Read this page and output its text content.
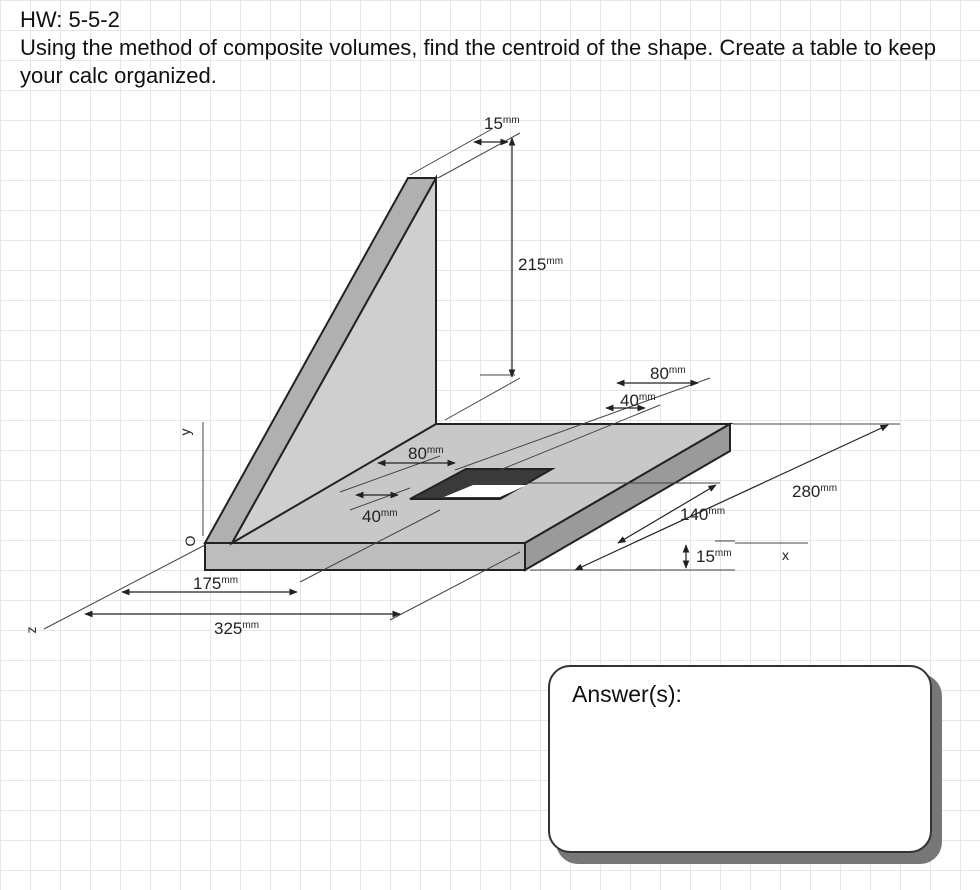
HW: 5-5-2
Using the method of composite volumes, find the centroid of the shape. Create a table to keep your calc organized.
$15^{mm}$
$215^{mm}$
$80^{mm}$
$40^{mm}$
$80^{mm}$
$40^{mm}$
$280^{mm}$
$140^{mm}$
$15^{mm}$
$175^{mm}$
$325^{mm}$
y
O
z
x
Answer(s):
